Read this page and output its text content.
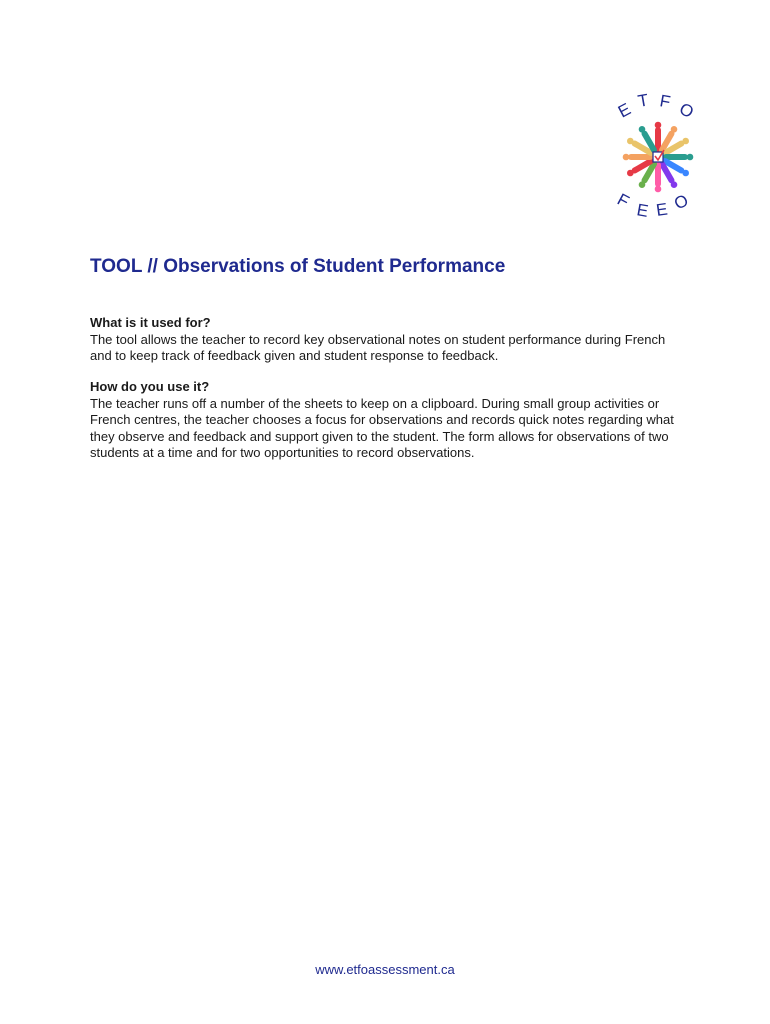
E T F O
F E E O
TOOL // Observations of Student Performance
What is it used for?

The tool allows the teacher to record key observational notes on student performance during French and to keep track of feedback given and student response to feedback.

How do you use it?

The teacher runs off a number of the sheets to keep on a clipboard. During small group activities or French centres, the teacher chooses a focus for observations and records quick notes regarding what they observe and feedback and support given to the student. The form allows for observations of two students at a time and for two opportunities to record observations.

www.etfoassessment.ca
